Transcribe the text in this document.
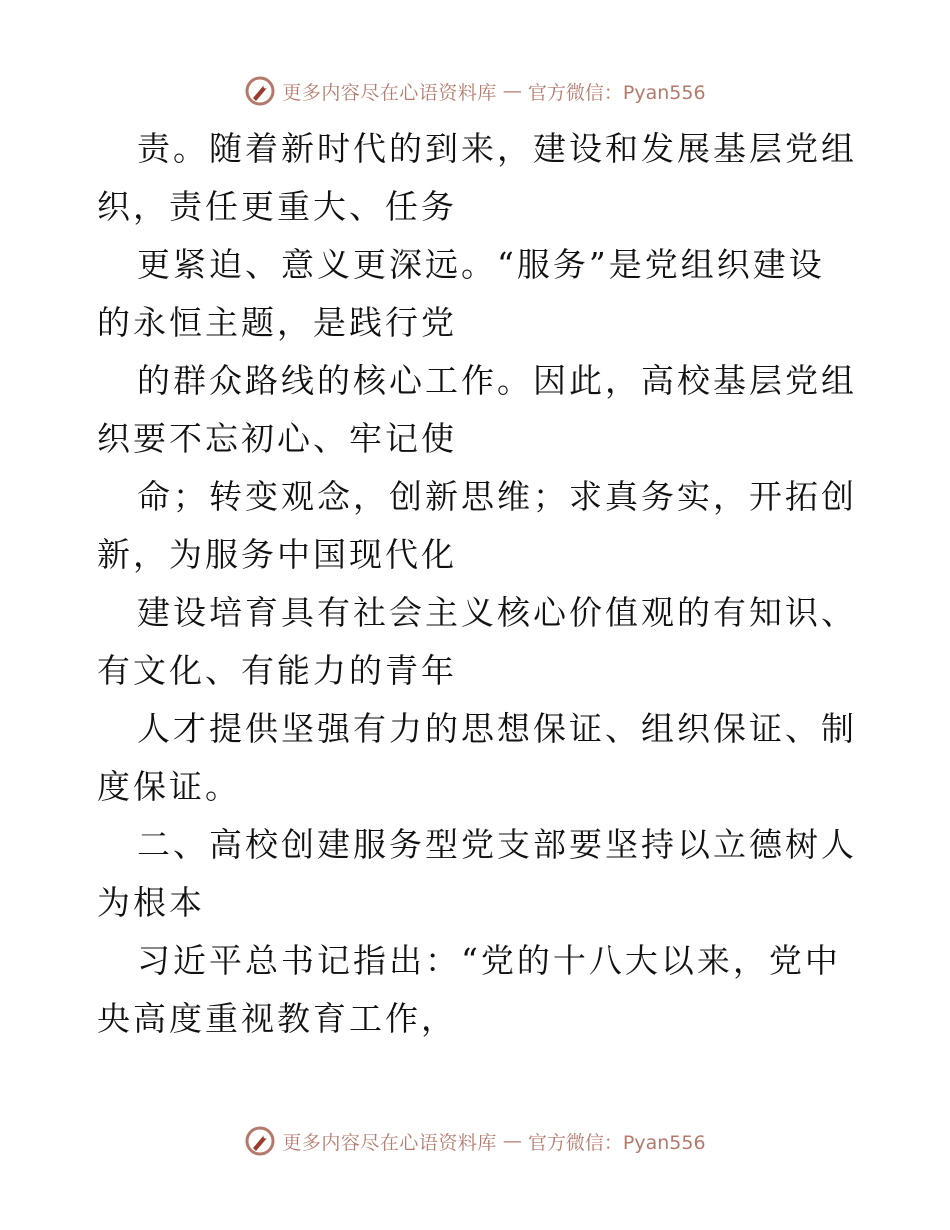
更多内容尽在心语资料库 — 官方微信：Pyan556

责。随着新时代的到来，建设和发展基层党组织，责任更重大、任务

更紧迫、意义更深远。“服务”是党组织建设的永恒主题，是践行党

的群众路线的核心工作。因此，高校基层党组织要不忘初心、牢记使

命；转变观念，创新思维；求真务实，开拓创新，为服务中国现代化

建设培育具有社会主义核心价值观的有知识、有文化、有能力的青年

人才提供坚强有力的思想保证、组织保证、制度保证。

二、高校创建服务型党支部要坚持以立德树人为根本

习近平总书记指出：“党的十八大以来，党中央高度重视教育工作，

更多内容尽在心语资料库 — 官方微信：Pyan556
